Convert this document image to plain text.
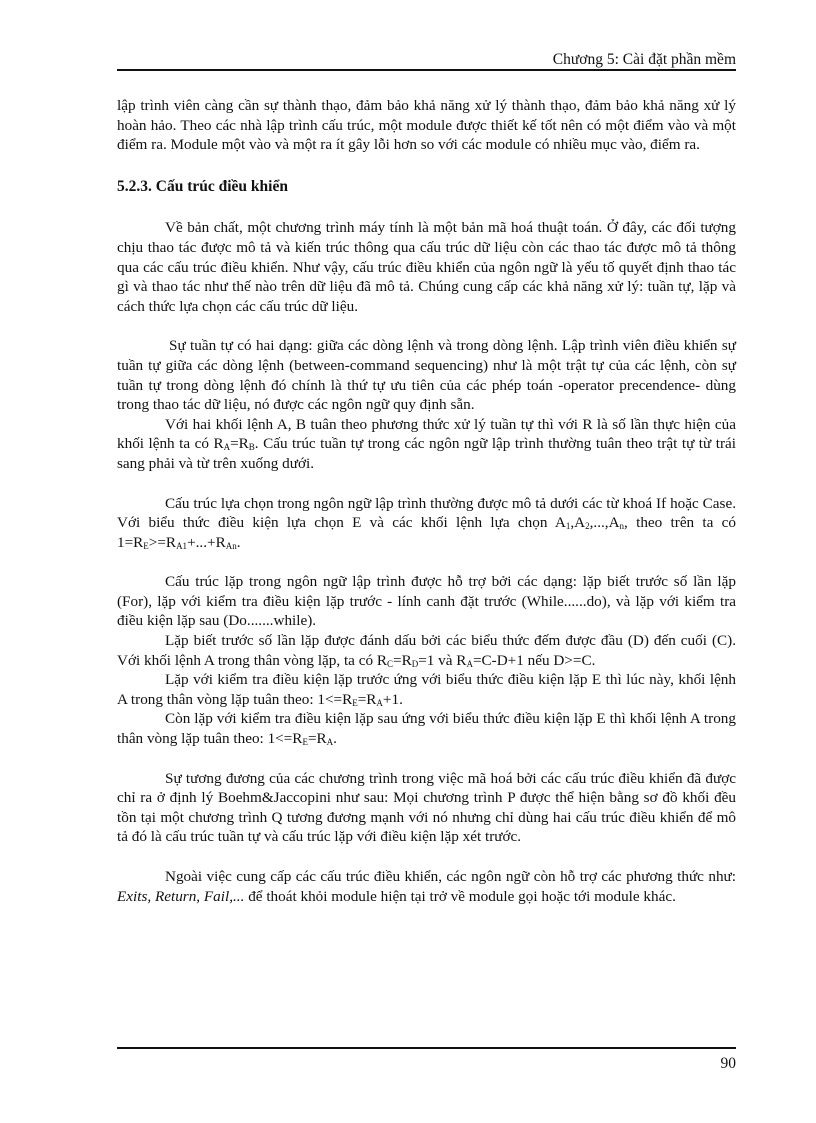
Chương 5: Cài đặt phần mềm

lập trình viên càng cần sự thành thạo, đảm bảo khả năng xử lý thành thạo, đảm bảo khả năng xử lý hoàn hảo. Theo các nhà lập trình cấu trúc, một module được thiết kế tốt nên có một điểm vào và một điểm ra. Module một vào và một ra ít gây lỗi hơn so với các module có nhiều mục vào, điểm ra.

5.2.3. Cấu trúc điều khiển

Về bản chất, một chương trình máy tính là một bản mã hoá thuật toán. Ở đây, các đối tượng chịu thao tác được mô tả và kiến trúc thông qua cấu trúc dữ liệu còn các thao tác được mô tả thông qua các cấu trúc điều khiển. Như vậy, cấu trúc điều khiển của ngôn ngữ là yếu tố quyết định thao tác gì và thao tác như thế nào trên dữ liệu đã mô tả. Chúng cung cấp các khả năng xử lý: tuần tự, lặp và cách thức lựa chọn các cấu trúc dữ liệu.

Sự tuần tự có hai dạng: giữa các dòng lệnh và trong dòng lệnh. Lập trình viên điều khiển sự tuần tự giữa các dòng lệnh (between-command sequencing) như là một trật tự của các lệnh, còn sự tuần tự trong dòng lệnh đó chính là thứ tự ưu tiên của các phép toán -operator precendence- dùng trong thao tác dữ liệu, nó được các ngôn ngữ quy định sẵn.

Với hai khối lệnh A, B tuân theo phương thức xử lý tuần tự thì với R là số lần thực hiện của khối lệnh ta có $R_A=R_B$. Cấu trúc tuần tự trong các ngôn ngữ lập trình thường tuân theo trật tự từ trái sang phải và từ trên xuống dưới.

Cấu trúc lựa chọn trong ngôn ngữ lập trình thường được mô tả dưới các từ khoá If hoặc Case. Với biểu thức điều kiện lựa chọn E và các khối lệnh lựa chọn $A_1,A_2,...,A_n$, theo trên ta có $1=R_E>=R_{A1}+...+R_{An}$.

Cấu trúc lặp trong ngôn ngữ lập trình được hỗ trợ bởi các dạng: lặp biết trước số lần lặp (For), lặp với kiểm tra điều kiện lặp trước - lính canh đặt trước (While......do), và lặp với kiểm tra điều kiện lặp sau (Do.......while).

Lặp biết trước số lần lặp được đánh dấu bởi các biểu thức đếm được đầu (D) đến cuối (C). Với khối lệnh A trong thân vòng lặp, ta có $R_C=R_D=1$ và $R_A=C-D+1$ nếu D>=C.

Lặp với kiểm tra điều kiện lặp trước ứng với biểu thức điều kiện lặp E thì lúc này, khối lệnh A trong thân vòng lặp tuân theo: $1<=R_E=R_A+1$.

Còn lặp với kiểm tra điều kiện lặp sau ứng với biểu thức điều kiện lặp E thì khối lệnh A trong thân vòng lặp tuân theo: $1<=R_E=R_A$.

Sự tương đương của các chương trình trong việc mã hoá bởi các cấu trúc điều khiển đã được chỉ ra ở định lý Boehm&Jaccopini như sau: Mọi chương trình P được thể hiện bằng sơ đồ khối đều tồn tại một chương trình Q tương đương mạnh với nó nhưng chỉ dùng hai cấu trúc điều khiển để mô tả đó là cấu trúc tuần tự và cấu trúc lặp với điều kiện lặp xét trước.

Ngoài việc cung cấp các cấu trúc điều khiển, các ngôn ngữ còn hỗ trợ các phương thức như: Exits, Return, Fail,... để thoát khỏi module hiện tại trở về module gọi hoặc tới module khác.

90
